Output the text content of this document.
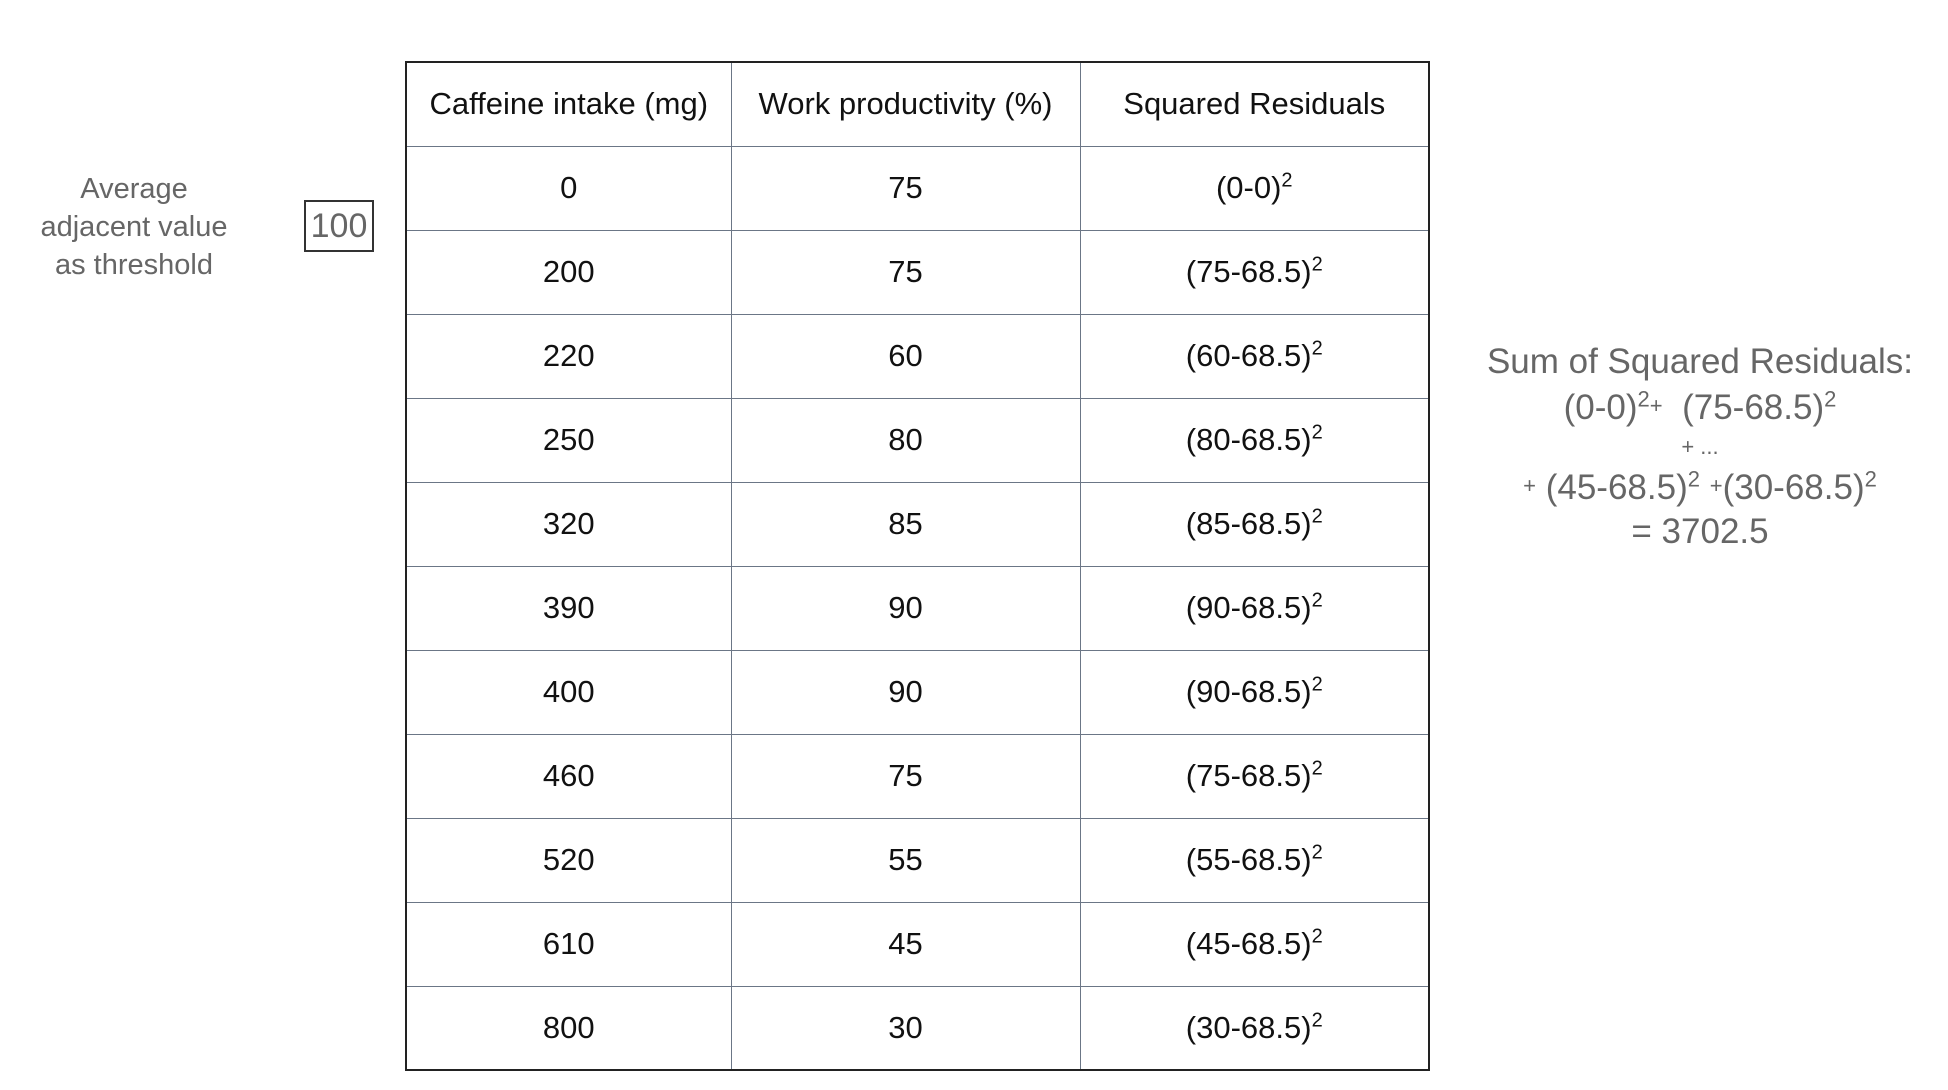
Average
adjacent value
as threshold
100
Caffeine intake (mg)	Work productivity (%)	Squared Residuals
0	75	$(0-0)^2$
200	75	$(75-68.5)^2$
220	60	$(60-68.5)^2$
250	80	$(80-68.5)^2$
320	85	$(85-68.5)^2$
390	90	$(90-68.5)^2$
400	90	$(90-68.5)^2$
460	75	$(75-68.5)^2$
520	55	$(55-68.5)^2$
610	45	$(45-68.5)^2$
800	30	$(30-68.5)^2$
Sum of Squared Residuals:
$(0-0)^2+ (75-68.5)^2$
+ ...
+ $(45-68.5)^2 +(30-68.5)^2$
= 3702.5
